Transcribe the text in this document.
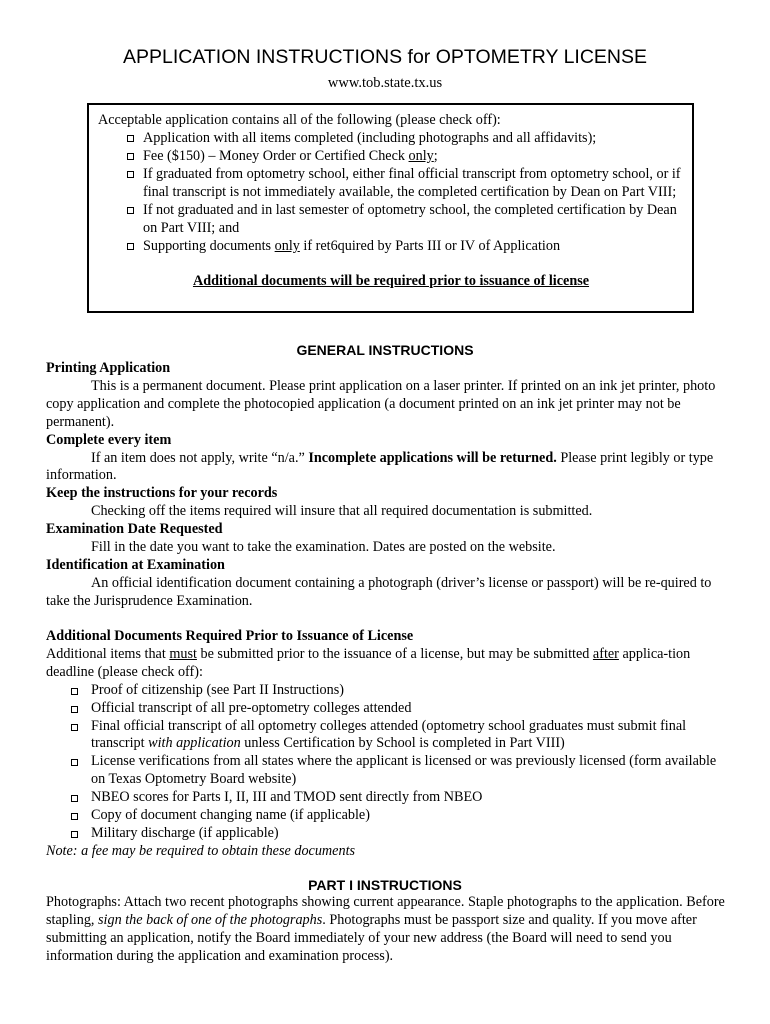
APPLICATION INSTRUCTIONS for OPTOMETRY LICENSE
www.tob.state.tx.us
Acceptable application contains all of the following (please check off):
Application with all items completed (including photographs and all affidavits);
Fee ($150) – Money Order or Certified Check only;
If graduated from optometry school, either final official transcript from optometry school, or if final transcript is not immediately available, the completed certification by Dean on Part VIII;
If not graduated and in last semester of optometry school, the completed certification by Dean on Part VIII; and
Supporting documents only if ret6quired by Parts III or IV of Application
Additional documents will be required prior to issuance of license
GENERAL INSTRUCTIONS
Printing Application
This is a permanent document. Please print application on a laser printer. If printed on an ink jet printer, photo copy application and complete the photocopied application (a document printed on an ink jet printer may not be permanent).
Complete every item
If an item does not apply, write “n/a.” Incomplete applications will be returned. Please print legibly or type information.
Keep the instructions for your records
Checking off the items required will insure that all required documentation is submitted.
Examination Date Requested
Fill in the date you want to take the examination. Dates are posted on the website.
Identification at Examination
An official identification document containing a photograph (driver’s license or passport) will be re-quired to take the Jurisprudence Examination.
Additional Documents Required Prior to Issuance of License
Additional items that must be submitted prior to the issuance of a license, but may be submitted after applica-tion deadline (please check off):
Proof of citizenship (see Part II Instructions)
Official transcript of all pre-optometry colleges attended
Final official transcript of all optometry colleges attended (optometry school graduates must submit final transcript with application unless Certification by School is completed in Part VIII)
License verifications from all states where the applicant is licensed or was previously licensed (form available on Texas Optometry Board website)
NBEO scores for Parts I, II, III and TMOD sent directly from NBEO
Copy of document changing name (if applicable)
Military discharge (if applicable)
Note: a fee may be required to obtain these documents
PART I INSTRUCTIONS
Photographs: Attach two recent photographs showing current appearance. Staple photographs to the application. Before stapling, sign the back of one of the photographs. Photographs must be passport size and quality. If you move after submitting an application, notify the Board immediately of your new address (the Board will need to send you information during the application and examination process).
